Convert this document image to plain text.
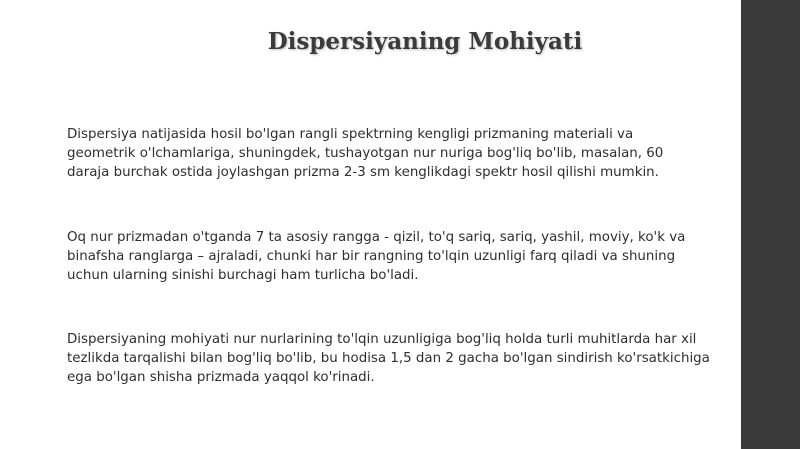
Dispersiyaning Mohiyati

Dispersiya natijasida hosil bo'lgan rangli spektrning kengligi prizmaning materiali va
geometrik o'lchamlariga, shuningdek, tushayotgan nur nuriga bog'liq bo'lib, masalan, 60
daraja burchak ostida joylashgan prizma 2-3 sm kenglikdagi spektr hosil qilishi mumkin.

Oq nur prizmadan o'tganda 7 ta asosiy rangga - qizil, to'q sariq, sariq, yashil, moviy, ko'k va
binafsha ranglarga – ajraladi, chunki har bir rangning to'lqin uzunligi farq qiladi va shuning
uchun ularning sinishi burchagi ham turlicha bo'ladi.

Dispersiyaning mohiyati nur nurlarining to'lqin uzunligiga bog'liq holda turli muhitlarda har xil
tezlikda tarqalishi bilan bog'liq bo'lib, bu hodisa 1,5 dan 2 gacha bo'lgan sindirish ko'rsatkichiga
ega bo'lgan shisha prizmada yaqqol ko'rinadi.
